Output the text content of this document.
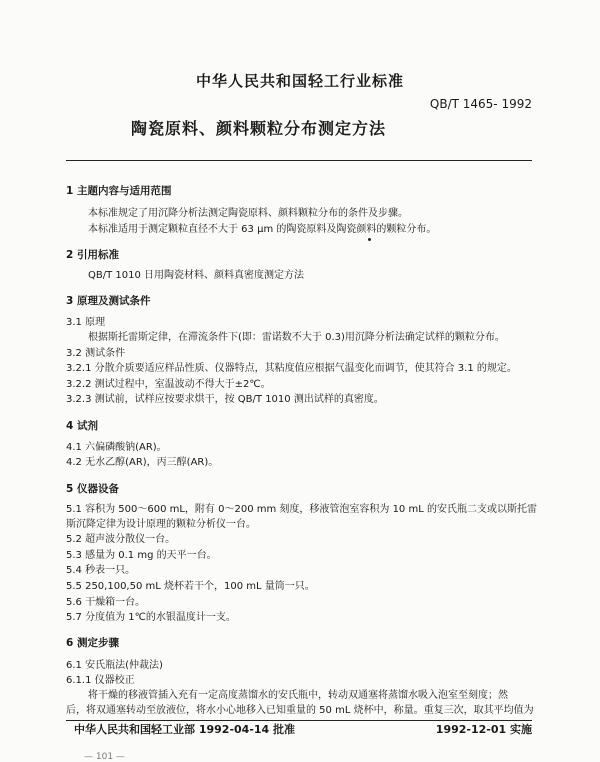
中华人民共和国轻工行业标准
QB/T 1465- 1992
陶瓷原料、颜料颗粒分布测定方法
1 主题内容与适用范围
本标准规定了用沉降分析法测定陶瓷原料、颜料颗粒分布的条件及步骤。
本标准适用于测定颗粒直径不大于 63 μm 的陶瓷原料及陶瓷颜料的颗粒分布。
2 引用标准
QB/T 1010 日用陶瓷材料、颜料真密度测定方法
3 原理及测试条件
3.1 原理
根据斯托雷斯定律，在滞流条件下(即：雷诺数不大于 0.3)用沉降分析法确定试样的颗粒分布。
3.2 测试条件
3.2.1 分散介质要适应样品性质、仪器特点，其粘度值应根据气温变化而调节，使其符合 3.1 的规定。
3.2.2 测试过程中，室温波动不得大于±2℃。
3.2.3 测试前，试样应按要求烘干，按 QB/T 1010 测出试样的真密度。
4 试剂
4.1 六偏磷酸钠(AR)。
4.2 无水乙醇(AR)，丙三醇(AR)。
5 仪器设备
5.1 容积为 500～600 mL，附有 0～200 mm 刻度，移液管泡室容积为 10 mL 的安氏瓶二支或以斯托雷
斯沉降定律为设计原理的颗粒分析仪一台。
5.2 超声波分散仪一台。
5.3 感量为 0.1 mg 的天平一台。
5.4 秒表一只。
5.5 250,100,50 mL 烧杯若干个，100 mL 量筒一只。
5.6 干燥箱一台。
5.7 分度值为 1℃的水银温度计一支。
6 测定步骤
6.1 安氏瓶法(仲裁法)
6.1.1 仪器校正
将干燥的移液管插入充有一定高度蒸馏水的安氏瓶中，转动双通塞将蒸馏水吸入泡室至刻度；然
后，将双通塞转动至放液位，将水小心地移入已知重量的 50 mL 烧杯中，称量。重复三次，取其平均值为
中华人民共和国轻工业部 1992-04-14 批准	1992-12-01 实施
— 101 —
